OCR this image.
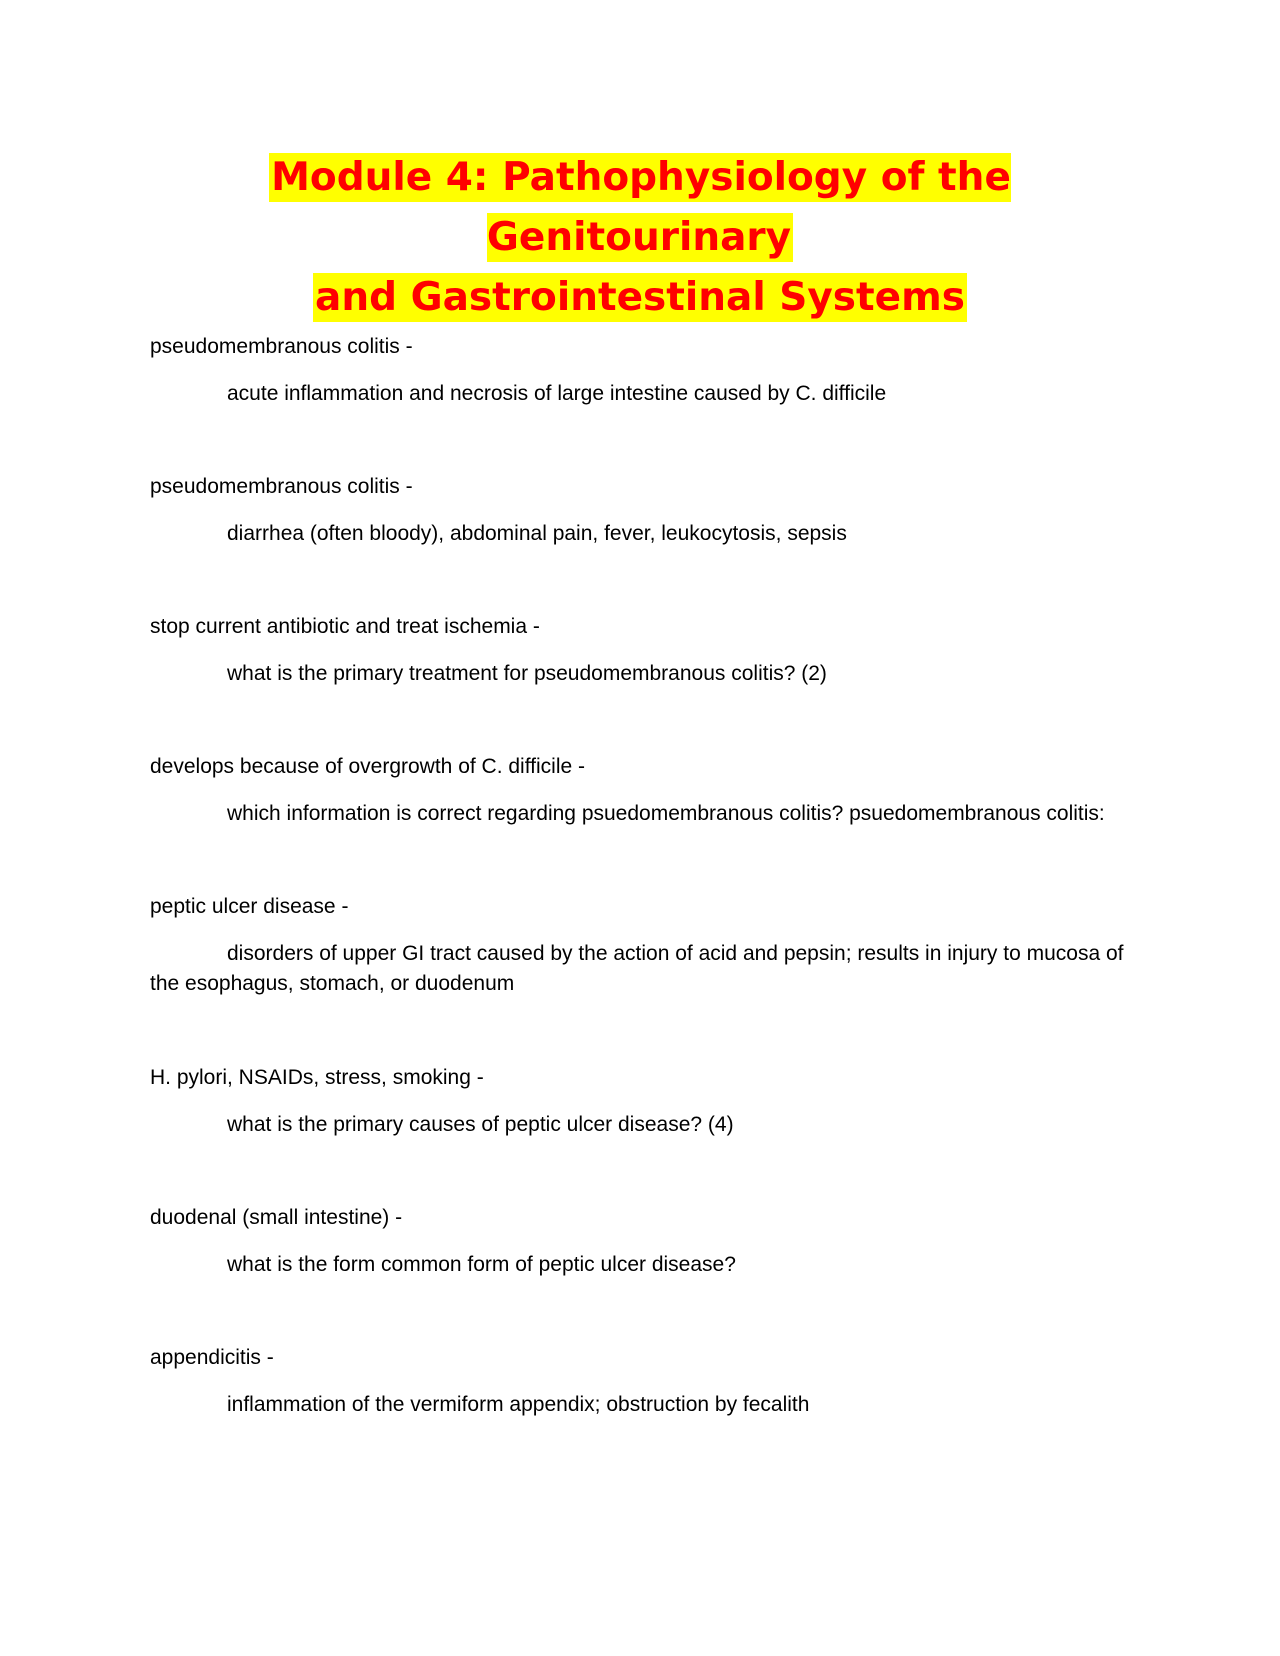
Module 4: Pathophysiology of the Genitourinary
and Gastrointestinal Systems

pseudomembranous colitis -

acute inflammation and necrosis of large intestine caused by C. difficile

pseudomembranous colitis -

diarrhea (often bloody), abdominal pain, fever, leukocytosis, sepsis

stop current antibiotic and treat ischemia -

what is the primary treatment for pseudomembranous colitis? (2)

develops because of overgrowth of C. difficile -

which information is correct regarding psuedomembranous colitis? psuedomembranous colitis:

peptic ulcer disease -

disorders of upper GI tract caused by the action of acid and pepsin; results in injury to mucosa of the esophagus, stomach, or duodenum

H. pylori, NSAIDs, stress, smoking -

what is the primary causes of peptic ulcer disease? (4)

duodenal (small intestine) -

what is the form common form of peptic ulcer disease?

appendicitis -

inflammation of the vermiform appendix; obstruction by fecalith
